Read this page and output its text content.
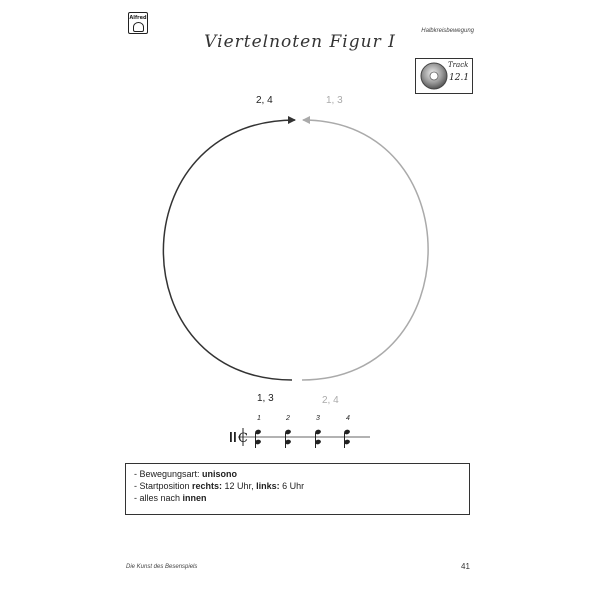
Alfred
Halbkreisbewegung
Viertelnoten Figur I
Track
12.1
2, 4	1, 3
1, 3	2, 4
C
1	2	3	4
- Bewegungsart: unisono
- Startposition rechts: 12 Uhr, links: 6 Uhr
- alles nach innen
Die Kunst des Besenspiels	41
